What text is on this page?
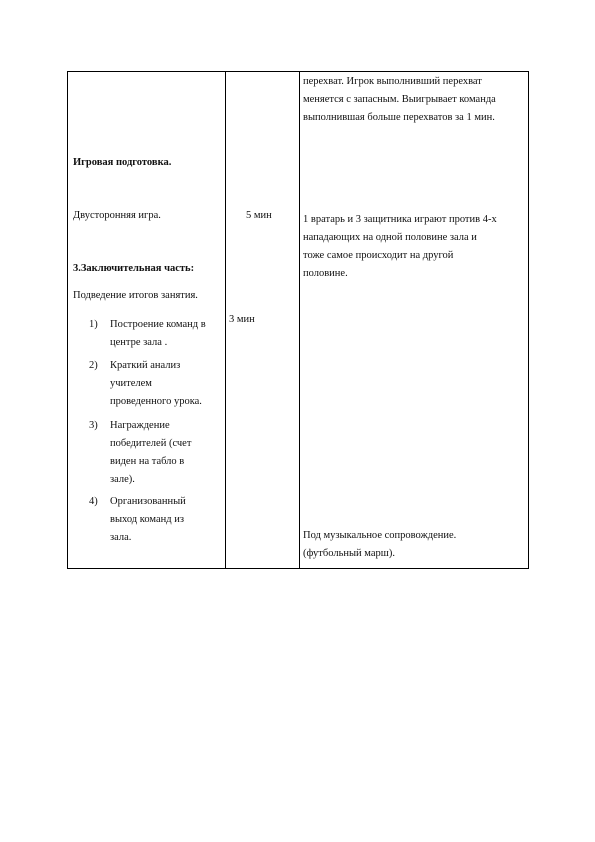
Игровая подготовка.
Двусторонняя игра.
3.Заключительная часть:
Подведение итогов занятия.
1) Построение команд в
центре зала .
2) Краткий анализ
учителем
проведенного урока.
3) Награждение
победителей (счет
виден на табло в
зале).
4) Организованный
выход команд из
зала.
5 мин
3 мин
перехват. Игрок выполнивший перехват
меняется с запасным. Выигрывает команда
выполнившая больше перехватов за 1 мин.
1 вратарь и 3 защитника играют против 4-х
нападающих на одной половине зала и
тоже самое происходит на другой
половине.
Под музыкальное сопровождение.
(футбольный марш).
